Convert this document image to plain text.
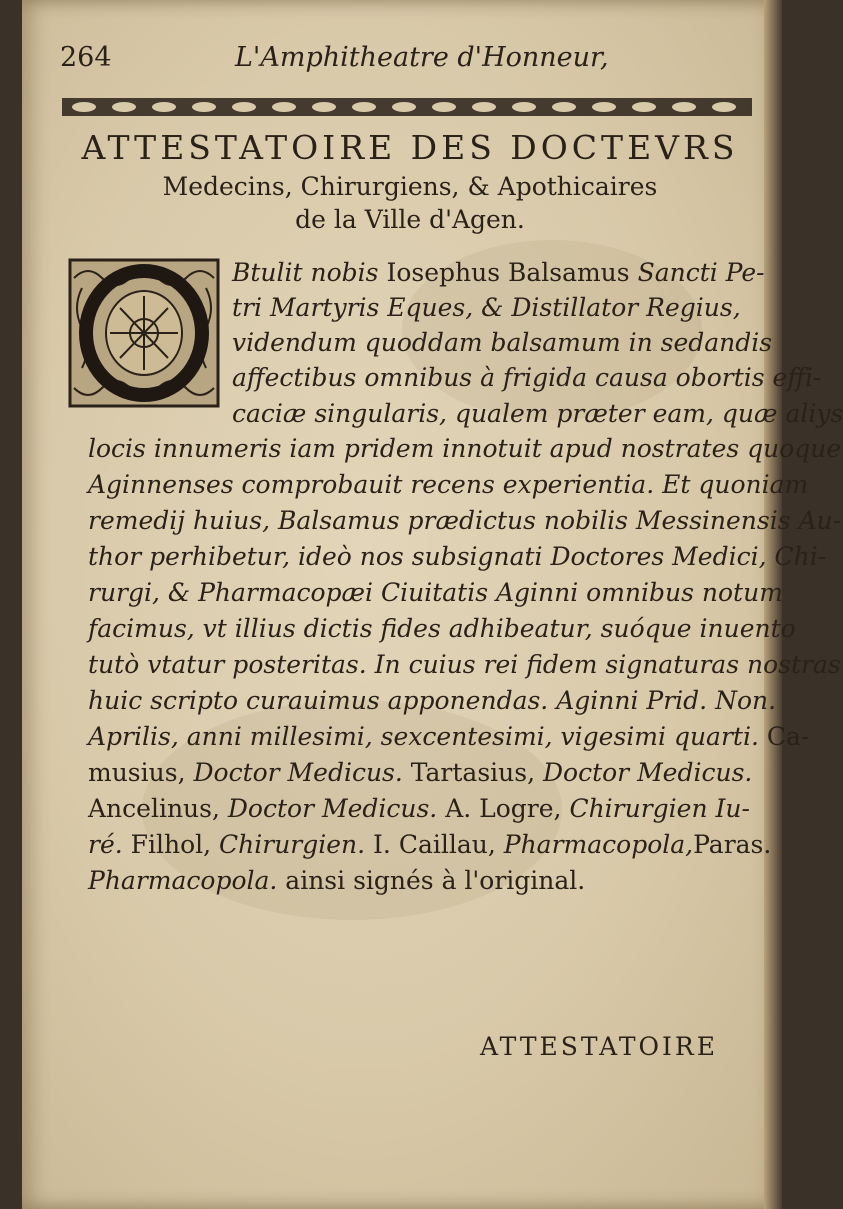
264	L'Amphitheatre d'Honneur,
ATTESTATOIRE DES DOCTEVRS
Medecins, Chirurgiens, & Apothicaires
de la Ville d'Agen.
Btulit nobis Iosephus Balsamus Sancti Pe-
tri Martyris Eques, & Distillator Regius,
videndum quoddam balsamum in sedandis
affectibus omnibus à frigida causa obortis effi-
caciæ singularis, qualem præter eam, quæ aliys
locis innumeris iam pridem innotuit apud nostrates quoque
Aginnenses comprobauit recens experientia. Et quoniam
remedij huius, Balsamus prædictus nobilis Messinensis Au-
thor perhibetur, ideò nos subsignati Doctores Medici, Chi-
rurgi, & Pharmacopæi Ciuitatis Aginni omnibus notum
facimus, vt illius dictis fides adhibeatur, suóque inuento
tutò vtatur posteritas. In cuius rei fidem signaturas nostras
huic scripto curauimus apponendas. Aginni Prid. Non.
Aprilis, anni millesimi, sexcentesimi, vigesimi quarti. Ca-
musius, Doctor Medicus. Tartasius, Doctor Medicus.
Ancelinus, Doctor Medicus. A. Logre, Chirurgien Iu-
ré. Filhol, Chirurgien. I. Caillau, Pharmacopola,Paras.
Pharmacopola. ainsi signés à l'original.
ATTESTATOIRE
